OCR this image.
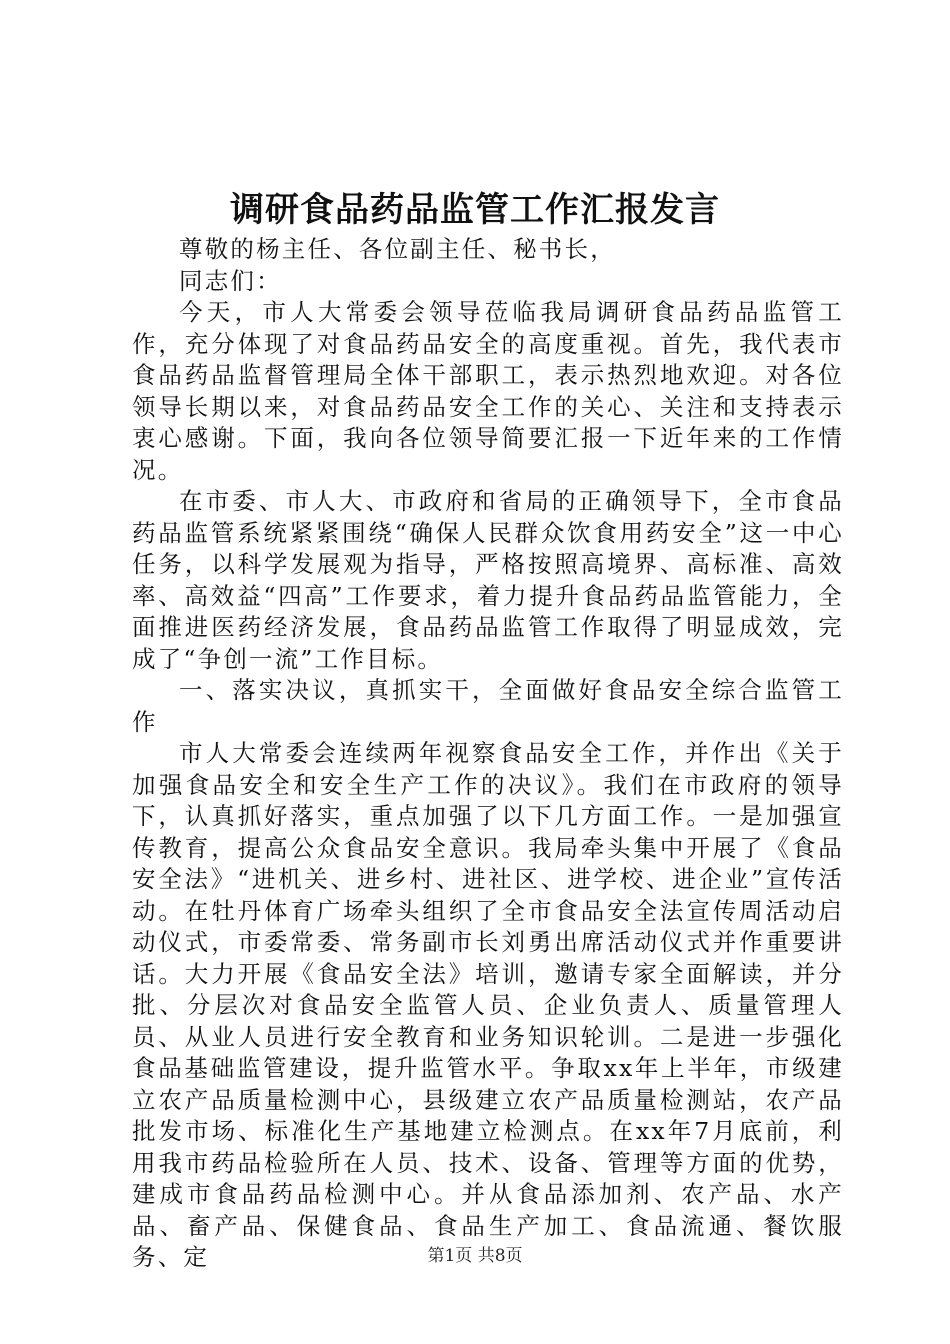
调研食品药品监管工作汇报发言

尊敬的杨主任、各位副主任、秘书长，

同志们：

今天，市人大常委会领导莅临我局调研食品药品监管工作，充分体现了对食品药品安全的高度重视。首先，我代表市食品药品监督管理局全体干部职工，表示热烈地欢迎。对各位领导长期以来，对食品药品安全工作的关心、关注和支持表示衷心感谢。下面，我向各位领导简要汇报一下近年来的工作情况。

在市委、市人大、市政府和省局的正确领导下，全市食品药品监管系统紧紧围绕“确保人民群众饮食用药安全”这一中心任务，以科学发展观为指导，严格按照高境界、高标准、高效率、高效益“四高”工作要求，着力提升食品药品监管能力，全面推进医药经济发展，食品药品监管工作取得了明显成效，完成了“争创一流”工作目标。

一、落实决议，真抓实干，全面做好食品安全综合监管工作

市人大常委会连续两年视察食品安全工作，并作出《关于加强食品安全和安全生产工作的决议》。我们在市政府的领导下，认真抓好落实，重点加强了以下几方面工作。一是加强宣传教育，提高公众食品安全意识。我局牵头集中开展了《食品安全法》“进机关、进乡村、进社区、进学校、进企业”宣传活动。在牡丹体育广场牵头组织了全市食品安全法宣传周活动启动仪式，市委常委、常务副市长刘勇出席活动仪式并作重要讲话。大力开展《食品安全法》培训，邀请专家全面解读，并分批、分层次对食品安全监管人员、企业负责人、质量管理人员、从业人员进行安全教育和业务知识轮训。二是进一步强化食品基础监管建设，提升监管水平。争取xx年上半年，市级建立农产品质量检测中心，县级建立农产品质量检测站，农产品批发市场、标准化生产基地建立检测点。在xx年7月底前，利用我市药品检验所在人员、技术、设备、管理等方面的优势，建成市食品药品检测中心。并从食品添加剂、农产品、水产品、畜产品、保健食品、食品生产加工、食品流通、餐饮服务、定	第1页 共8页
